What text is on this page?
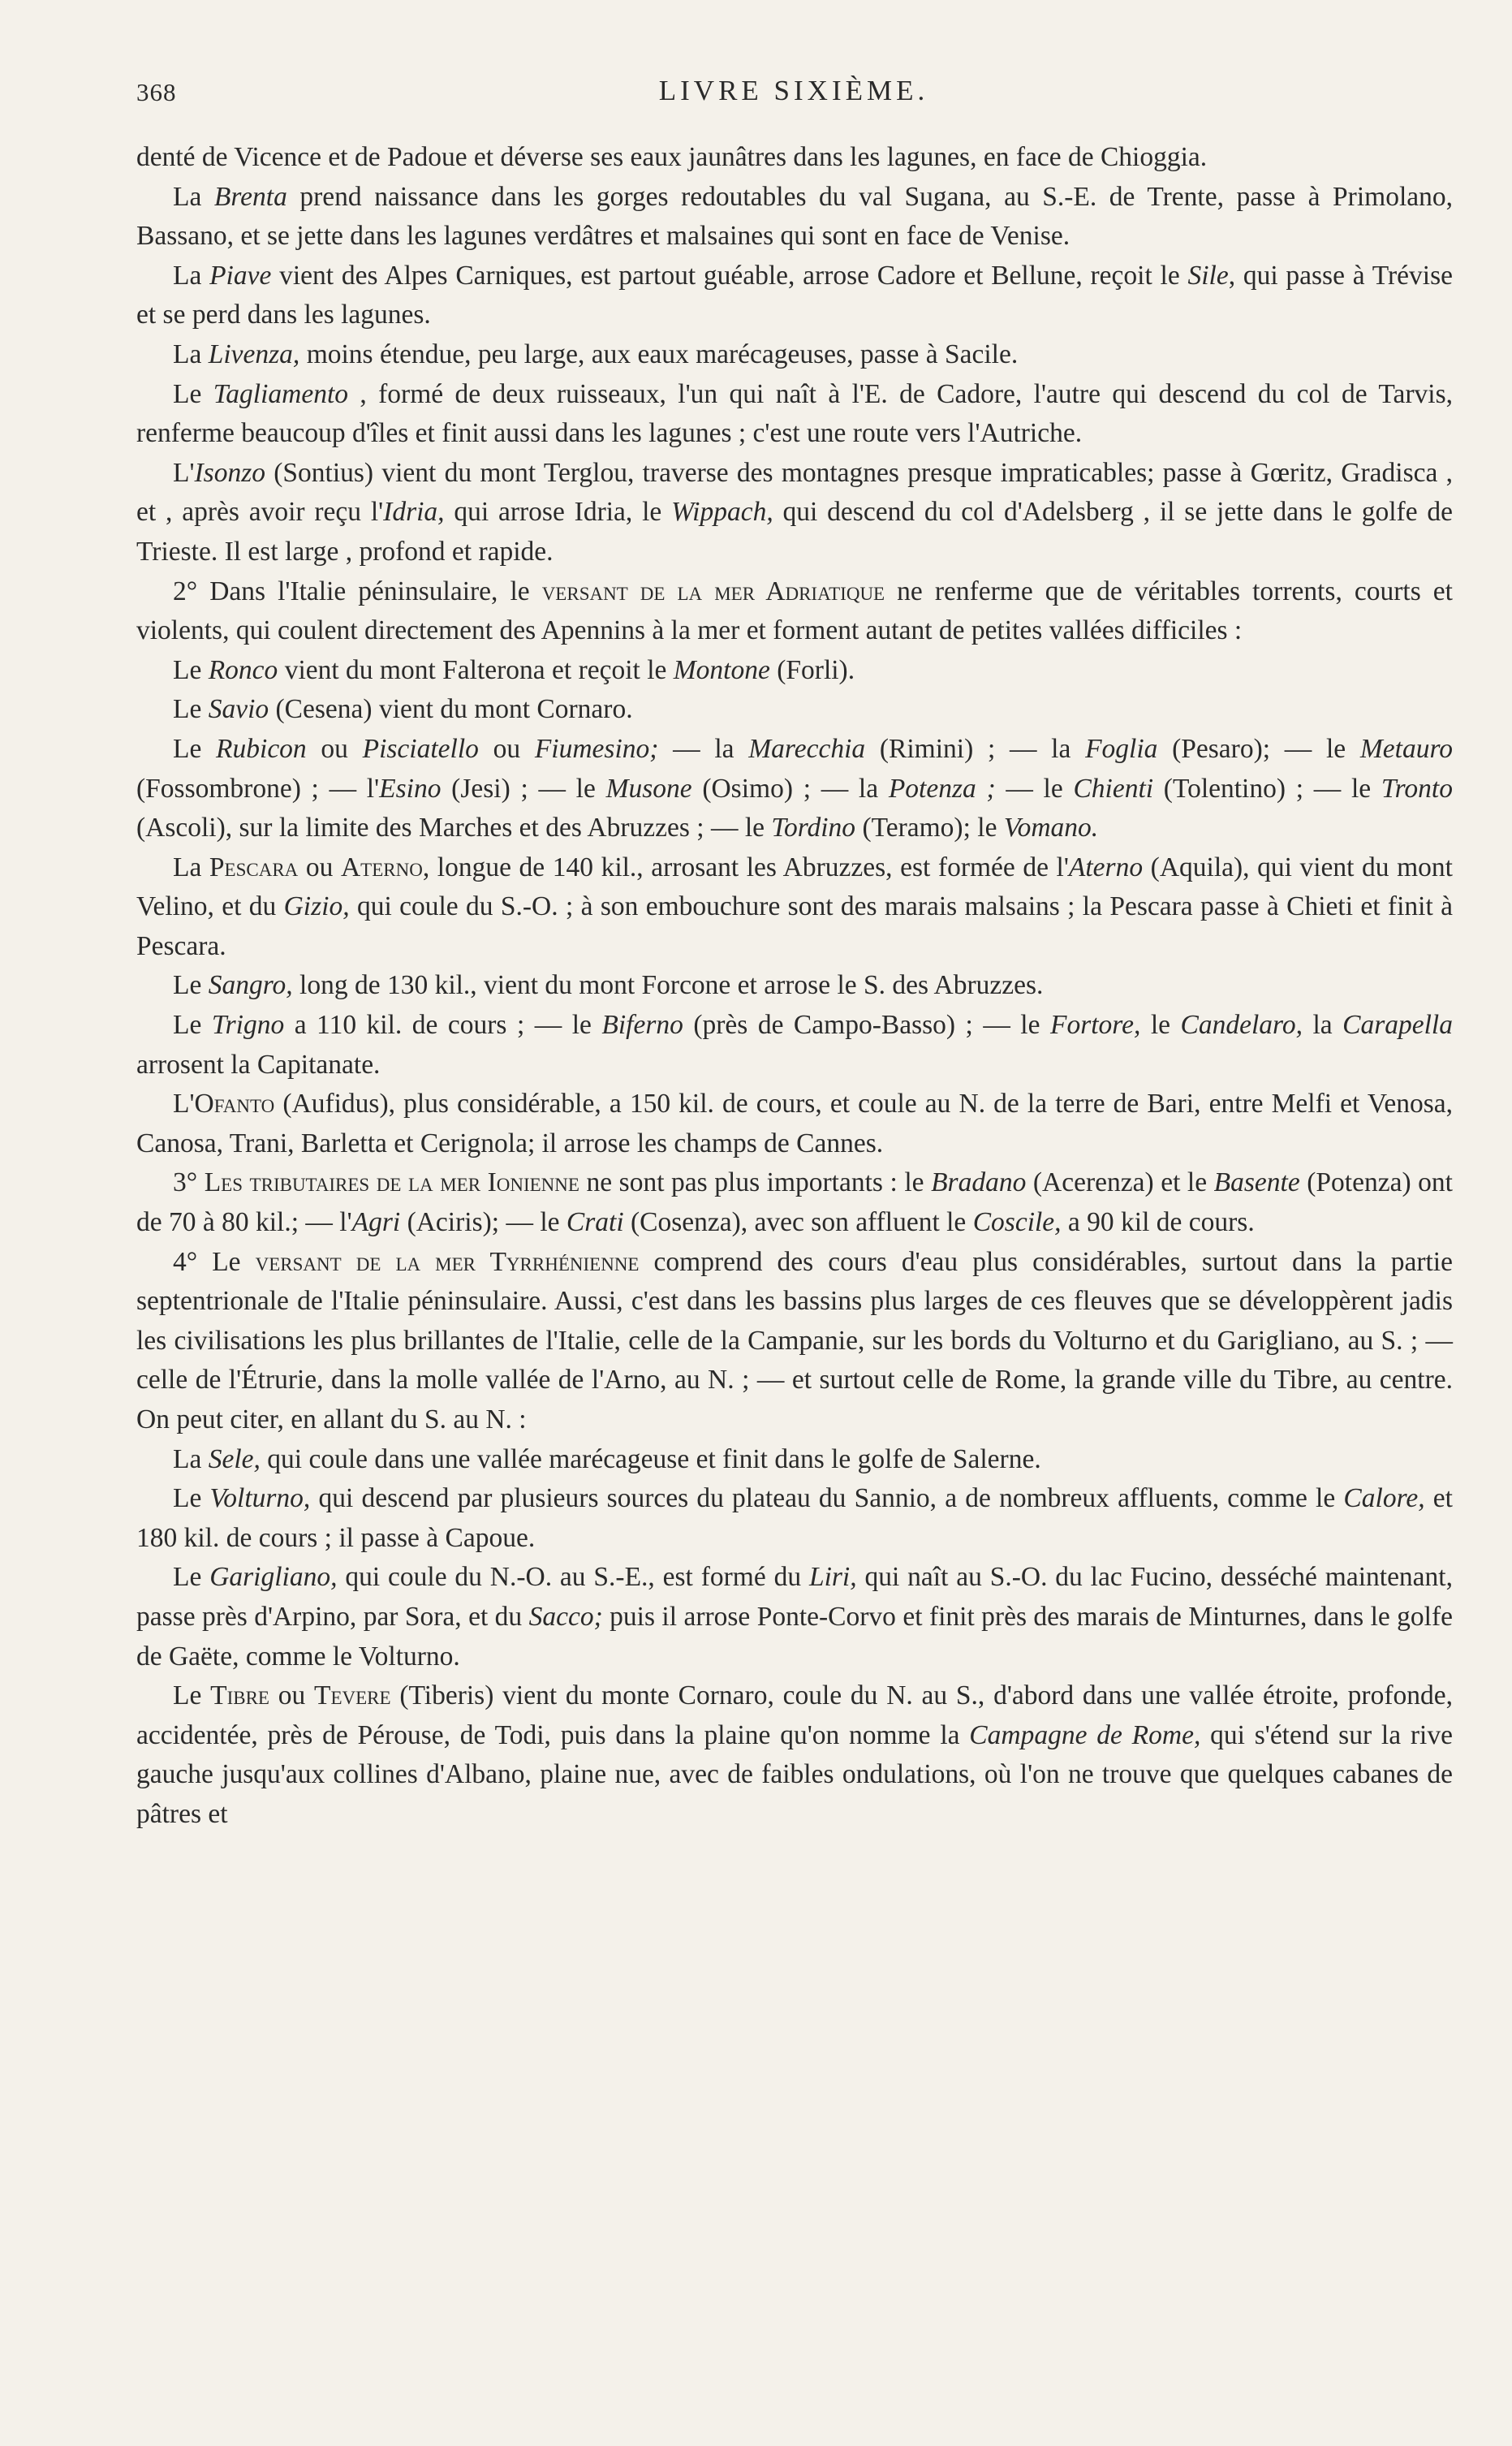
368	LIVRE SIXIÈME.

denté de Vicence et de Padoue et déverse ses eaux jaunâtres dans les lagunes, en face de Chioggia.

La Brenta prend naissance dans les gorges redoutables du val Sugana, au S.-E. de Trente, passe à Primolano, Bassano, et se jette dans les lagunes verdâtres et malsaines qui sont en face de Venise.

La Piave vient des Alpes Carniques, est partout guéable, arrose Cadore et Bellune, reçoit le Sile, qui passe à Trévise et se perd dans les lagunes.

La Livenza, moins étendue, peu large, aux eaux marécageuses, passe à Sacile.

Le Tagliamento , formé de deux ruisseaux, l'un qui naît à l'E. de Cadore, l'autre qui descend du col de Tarvis, renferme beaucoup d'îles et finit aussi dans les lagunes ; c'est une route vers l'Autriche.

L'Isonzo (Sontius) vient du mont Terglou, traverse des montagnes presque impraticables; passe à Gœritz, Gradisca , et , après avoir reçu l'Idria, qui arrose Idria, le Wippach, qui descend du col d'Adelsberg , il se jette dans le golfe de Trieste. Il est large , profond et rapide.

2° Dans l'Italie péninsulaire, le versant de la mer Adriatique ne renferme que de véritables torrents, courts et violents, qui coulent directement des Apennins à la mer et forment autant de petites vallées difficiles :

Le Ronco vient du mont Falterona et reçoit le Montone (Forli).

Le Savio (Cesena) vient du mont Cornaro.

Le Rubicon ou Pisciatello ou Fiumesino; — la Marecchia (Rimini) ; — la Foglia (Pesaro); — le Metauro (Fossombrone) ; — l'Esino (Jesi) ; — le Musone (Osimo) ; — la Potenza ; — le Chienti (Tolentino) ; — le Tronto (Ascoli), sur la limite des Marches et des Abruzzes ; — le Tordino (Teramo); le Vomano.

La Pescara ou Aterno, longue de 140 kil., arrosant les Abruzzes, est formée de l'Aterno (Aquila), qui vient du mont Velino, et du Gizio, qui coule du S.-O. ; à son embouchure sont des marais malsains ; la Pescara passe à Chieti et finit à Pescara.

Le Sangro, long de 130 kil., vient du mont Forcone et arrose le S. des Abruzzes.

Le Trigno a 110 kil. de cours ; — le Biferno (près de Campo-Basso) ; — le Fortore, le Candelaro, la Carapella arrosent la Capitanate.

L'Ofanto (Aufidus), plus considérable, a 150 kil. de cours, et coule au N. de la terre de Bari, entre Melfi et Venosa, Canosa, Trani, Barletta et Cerignola; il arrose les champs de Cannes.

3° Les tributaires de la mer Ionienne ne sont pas plus importants : le Bradano (Acerenza) et le Basente (Potenza) ont de 70 à 80 kil.; — l'Agri (Aciris); — le Crati (Cosenza), avec son affluent le Coscile, a 90 kil de cours.

4° Le versant de la mer Tyrrhénienne comprend des cours d'eau plus considérables, surtout dans la partie septentrionale de l'Italie péninsulaire. Aussi, c'est dans les bassins plus larges de ces fleuves que se développèrent jadis les civilisations les plus brillantes de l'Italie, celle de la Campanie, sur les bords du Volturno et du Garigliano, au S. ; — celle de l'Étrurie, dans la molle vallée de l'Arno, au N. ; — et surtout celle de Rome, la grande ville du Tibre, au centre. On peut citer, en allant du S. au N. :

La Sele, qui coule dans une vallée marécageuse et finit dans le golfe de Salerne.

Le Volturno, qui descend par plusieurs sources du plateau du Sannio, a de nombreux affluents, comme le Calore, et 180 kil. de cours ; il passe à Capoue.

Le Garigliano, qui coule du N.-O. au S.-E., est formé du Liri, qui naît au S.-O. du lac Fucino, desséché maintenant, passe près d'Arpino, par Sora, et du Sacco; puis il arrose Ponte-Corvo et finit près des marais de Minturnes, dans le golfe de Gaëte, comme le Volturno.

Le Tibre ou Tevere (Tiberis) vient du monte Cornaro, coule du N. au S., d'abord dans une vallée étroite, profonde, accidentée, près de Pérouse, de Todi, puis dans la plaine qu'on nomme la Campagne de Rome, qui s'étend sur la rive gauche jusqu'aux collines d'Albano, plaine nue, avec de faibles ondulations, où l'on ne trouve que quelques cabanes de pâtres et
